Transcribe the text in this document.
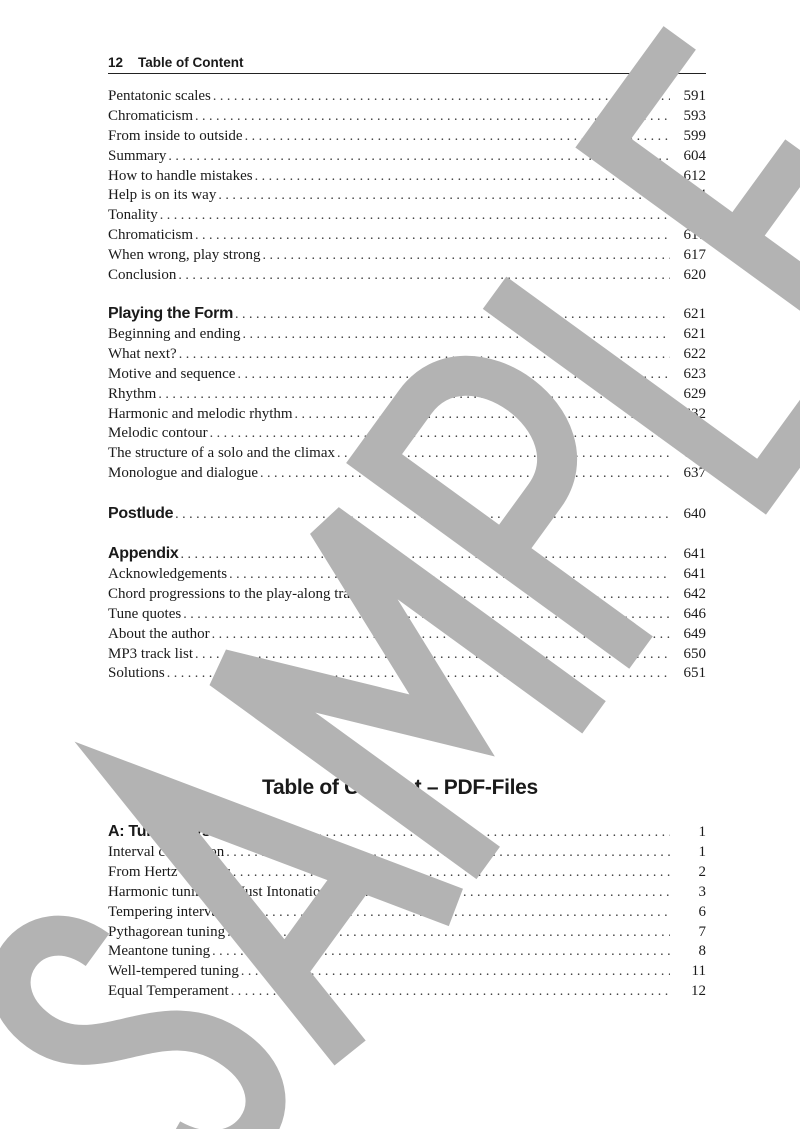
12 Table of Content
Pentatonic scales . . .	591
Chromaticism . . .	593
From inside to outside . . .	599
Summary . . .	604
How to handle mistakes . . .	612
Help is on its way . . .	614
Tonality . . .	615
Chromaticism . . .	617
When wrong, play strong . . .	617
Conclusion . . .	620
Playing the Form . . .	621
Beginning and ending . . .	621
What next? . . .	622
Motive and sequence . . .	623
Rhythm . . .	629
Harmonic and melodic rhythm . . .	632
Melodic contour . . .	634
The structure of a solo and the climax . . .	635
Monologue and dialogue . . .	637
Postlude . . .	640
Appendix . . .	641
Acknowledgements . . .	641
Chord progressions to the play-along tracks . . .	642
Tune quotes . . .	646
About the author . . .	649
MP3 track list . . .	650
Solutions . . .	651
Table of Content – PDF-Files
A: Tuning Systems . . .	1
Interval calculation . . .	1
From Hertz to Cents . . .	2
Harmonic tuning and Just Intonation . . .	3
Tempering intervals . . .	6
Pythagorean tuning . . .	7
Meantone tuning . . .	8
Well-tempered tuning . . .	11
Equal Temperament . . .	12
